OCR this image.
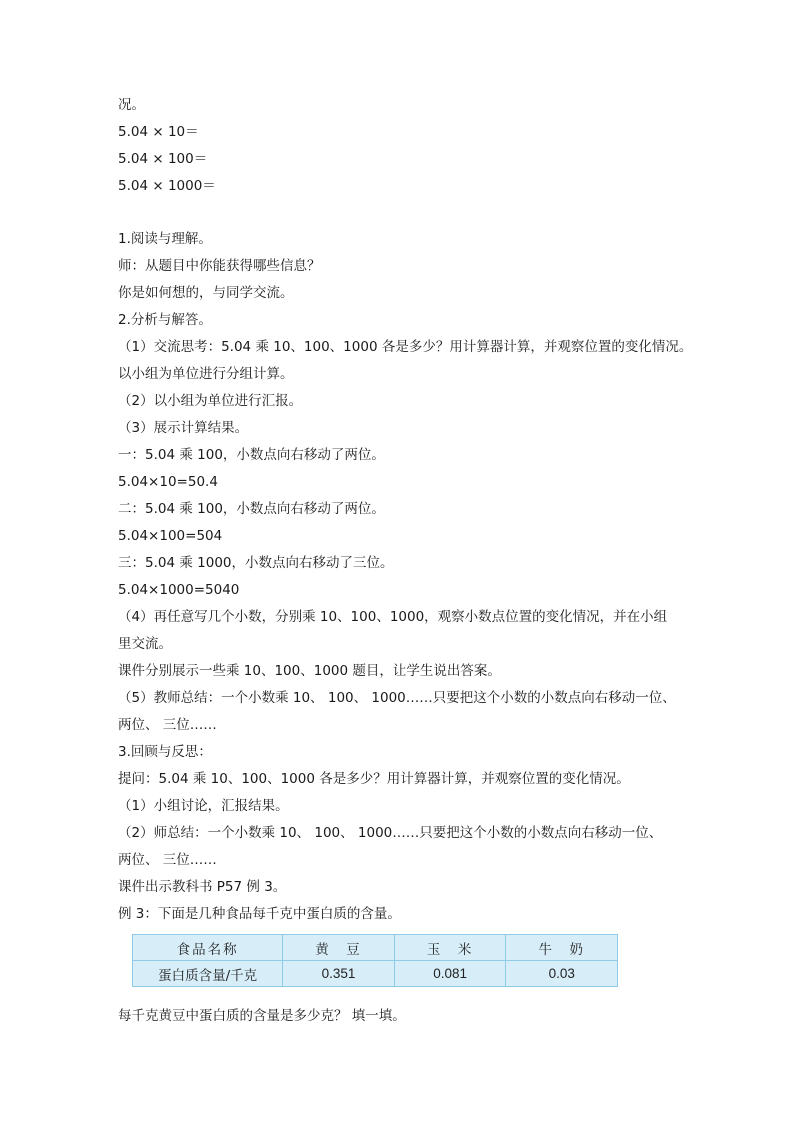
况。
5.04 × 10＝
5.04 × 100＝
5.04 × 1000＝
1.阅读与理解。
师：从题目中你能获得哪些信息？
你是如何想的，与同学交流。
2.分析与解答。
（1）交流思考：5.04 乘 10、100、1000 各是多少？用计算器计算，并观察位置的变化情况。
以小组为单位进行分组计算。
（2）以小组为单位进行汇报。
（3）展示计算结果。
一：5.04 乘 100，小数点向右移动了两位。
5.04×10=50.4
二：5.04 乘 100，小数点向右移动了两位。
5.04×100=504
三：5.04 乘 1000，小数点向右移动了三位。
5.04×1000=5040
（4）再任意写几个小数，分别乘 10、100、1000，观察小数点位置的变化情况，并在小组
里交流。
课件分别展示一些乘 10、100、1000 题目，让学生说出答案。
（5）教师总结：一个小数乘 10、 100、 1000……只要把这个小数的小数点向右移动一位、
两位、 三位……
3.回顾与反思：
提问：5.04 乘 10、100、1000 各是多少？用计算器计算，并观察位置的变化情况。
（1）小组讨论，汇报结果。
（2）师总结：一个小数乘 10、 100、 1000……只要把这个小数的小数点向右移动一位、
两位、 三位……
课件出示教科书 P57 例 3。
例 3：下面是几种食品每千克中蛋白质的含量。
食品名称	黄　豆	玉　米	牛　奶
蛋白质含量/千克	0.351	0.081	0.03
每千克黄豆中蛋白质的含量是多少克？ 填一填。
